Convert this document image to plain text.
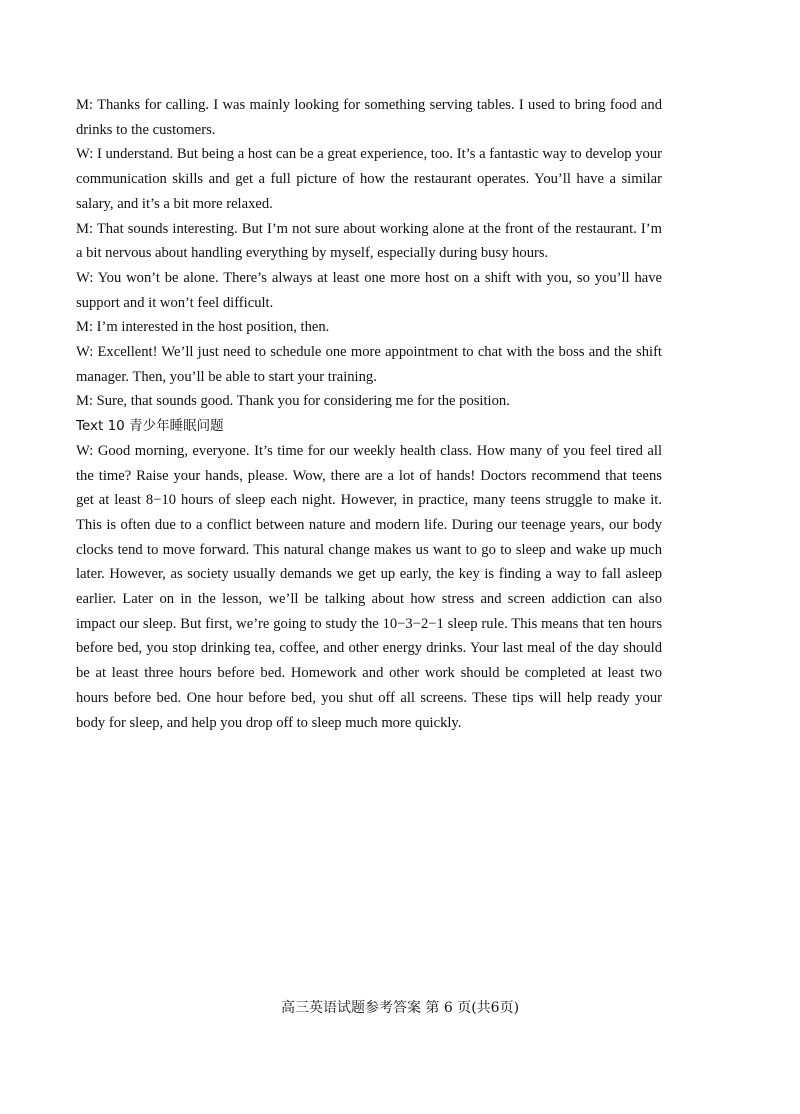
M: Thanks for calling. I was mainly looking for something serving tables. I used to bring food and drinks to the customers.

W: I understand. But being a host can be a great experience, too. It’s a fantastic way to develop your communication skills and get a full picture of how the restaurant operates. You’ll have a similar salary, and it’s a bit more relaxed.

M: That sounds interesting. But I’m not sure about working alone at the front of the restaurant. I’m a bit nervous about handling everything by myself, especially during busy hours.

W: You won’t be alone. There’s always at least one more host on a shift with you, so you’ll have support and it won’t feel difficult.

M: I’m interested in the host position, then.

W: Excellent! We’ll just need to schedule one more appointment to chat with the boss and the shift manager. Then, you’ll be able to start your training.

M: Sure, that sounds good. Thank you for considering me for the position.

Text 10 青少年睡眠问题

W: Good morning, everyone. It’s time for our weekly health class. How many of you feel tired all the time? Raise your hands, please. Wow, there are a lot of hands! Doctors recommend that teens get at least 8−10 hours of sleep each night. However, in practice, many teens struggle to make it. This is often due to a conflict between nature and modern life. During our teenage years, our body clocks tend to move forward. This natural change makes us want to go to sleep and wake up much later. However, as society usually demands we get up early, the key is finding a way to fall asleep earlier. Later on in the lesson, we’ll be talking about how stress and screen addiction can also impact our sleep. But first, we’re going to study the 10−3−2−1 sleep rule. This means that ten hours before bed, you stop drinking tea, coffee, and other energy drinks. Your last meal of the day should be at least three hours before bed. Homework and other work should be completed at least two hours before bed. One hour before bed, you shut off all screens. These tips will help ready your body for sleep, and help you drop off to sleep much more quickly.

高三英语试题参考答案 第 6 页(共6页)
